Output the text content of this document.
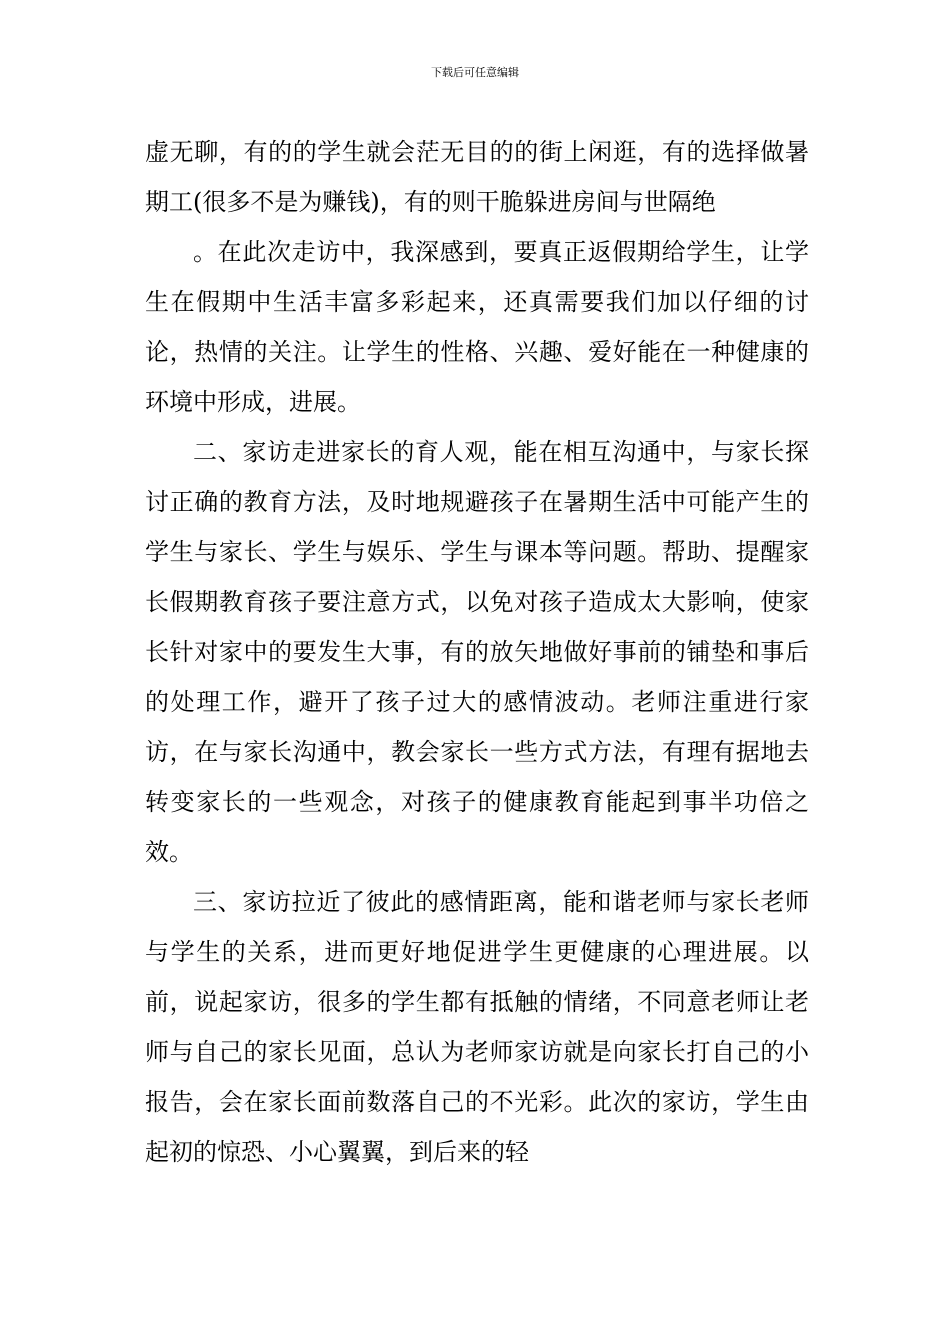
下载后可任意编辑

虚无聊，有的的学生就会茫无目的的街上闲逛，有的选择做暑期工(很多不是为赚钱)，有的则干脆躲进房间与世隔绝

。在此次走访中，我深感到，要真正返假期给学生，让学生在假期中生活丰富多彩起来，还真需要我们加以仔细的讨论，热情的关注。让学生的性格、兴趣、爱好能在一种健康的环境中形成，进展。

二、家访走进家长的育人观，能在相互沟通中，与家长探讨正确的教育方法，及时地规避孩子在暑期生活中可能产生的学生与家长、学生与娱乐、学生与课本等问题。帮助、提醒家长假期教育孩子要注意方式，以免对孩子造成太大影响，使家长针对家中的要发生大事，有的放矢地做好事前的铺垫和事后的处理工作，避开了孩子过大的感情波动。老师注重进行家访，在与家长沟通中，教会家长一些方式方法，有理有据地去转变家长的一些观念，对孩子的健康教育能起到事半功倍之效。

三、家访拉近了彼此的感情距离，能和谐老师与家长老师与学生的关系，进而更好地促进学生更健康的心理进展。以前，说起家访，很多的学生都有抵触的情绪，不同意老师让老师与自己的家长见面，总认为老师家访就是向家长打自己的小报告，会在家长面前数落自己的不光彩。此次的家访，学生由起初的惊恐、小心翼翼，到后来的轻
